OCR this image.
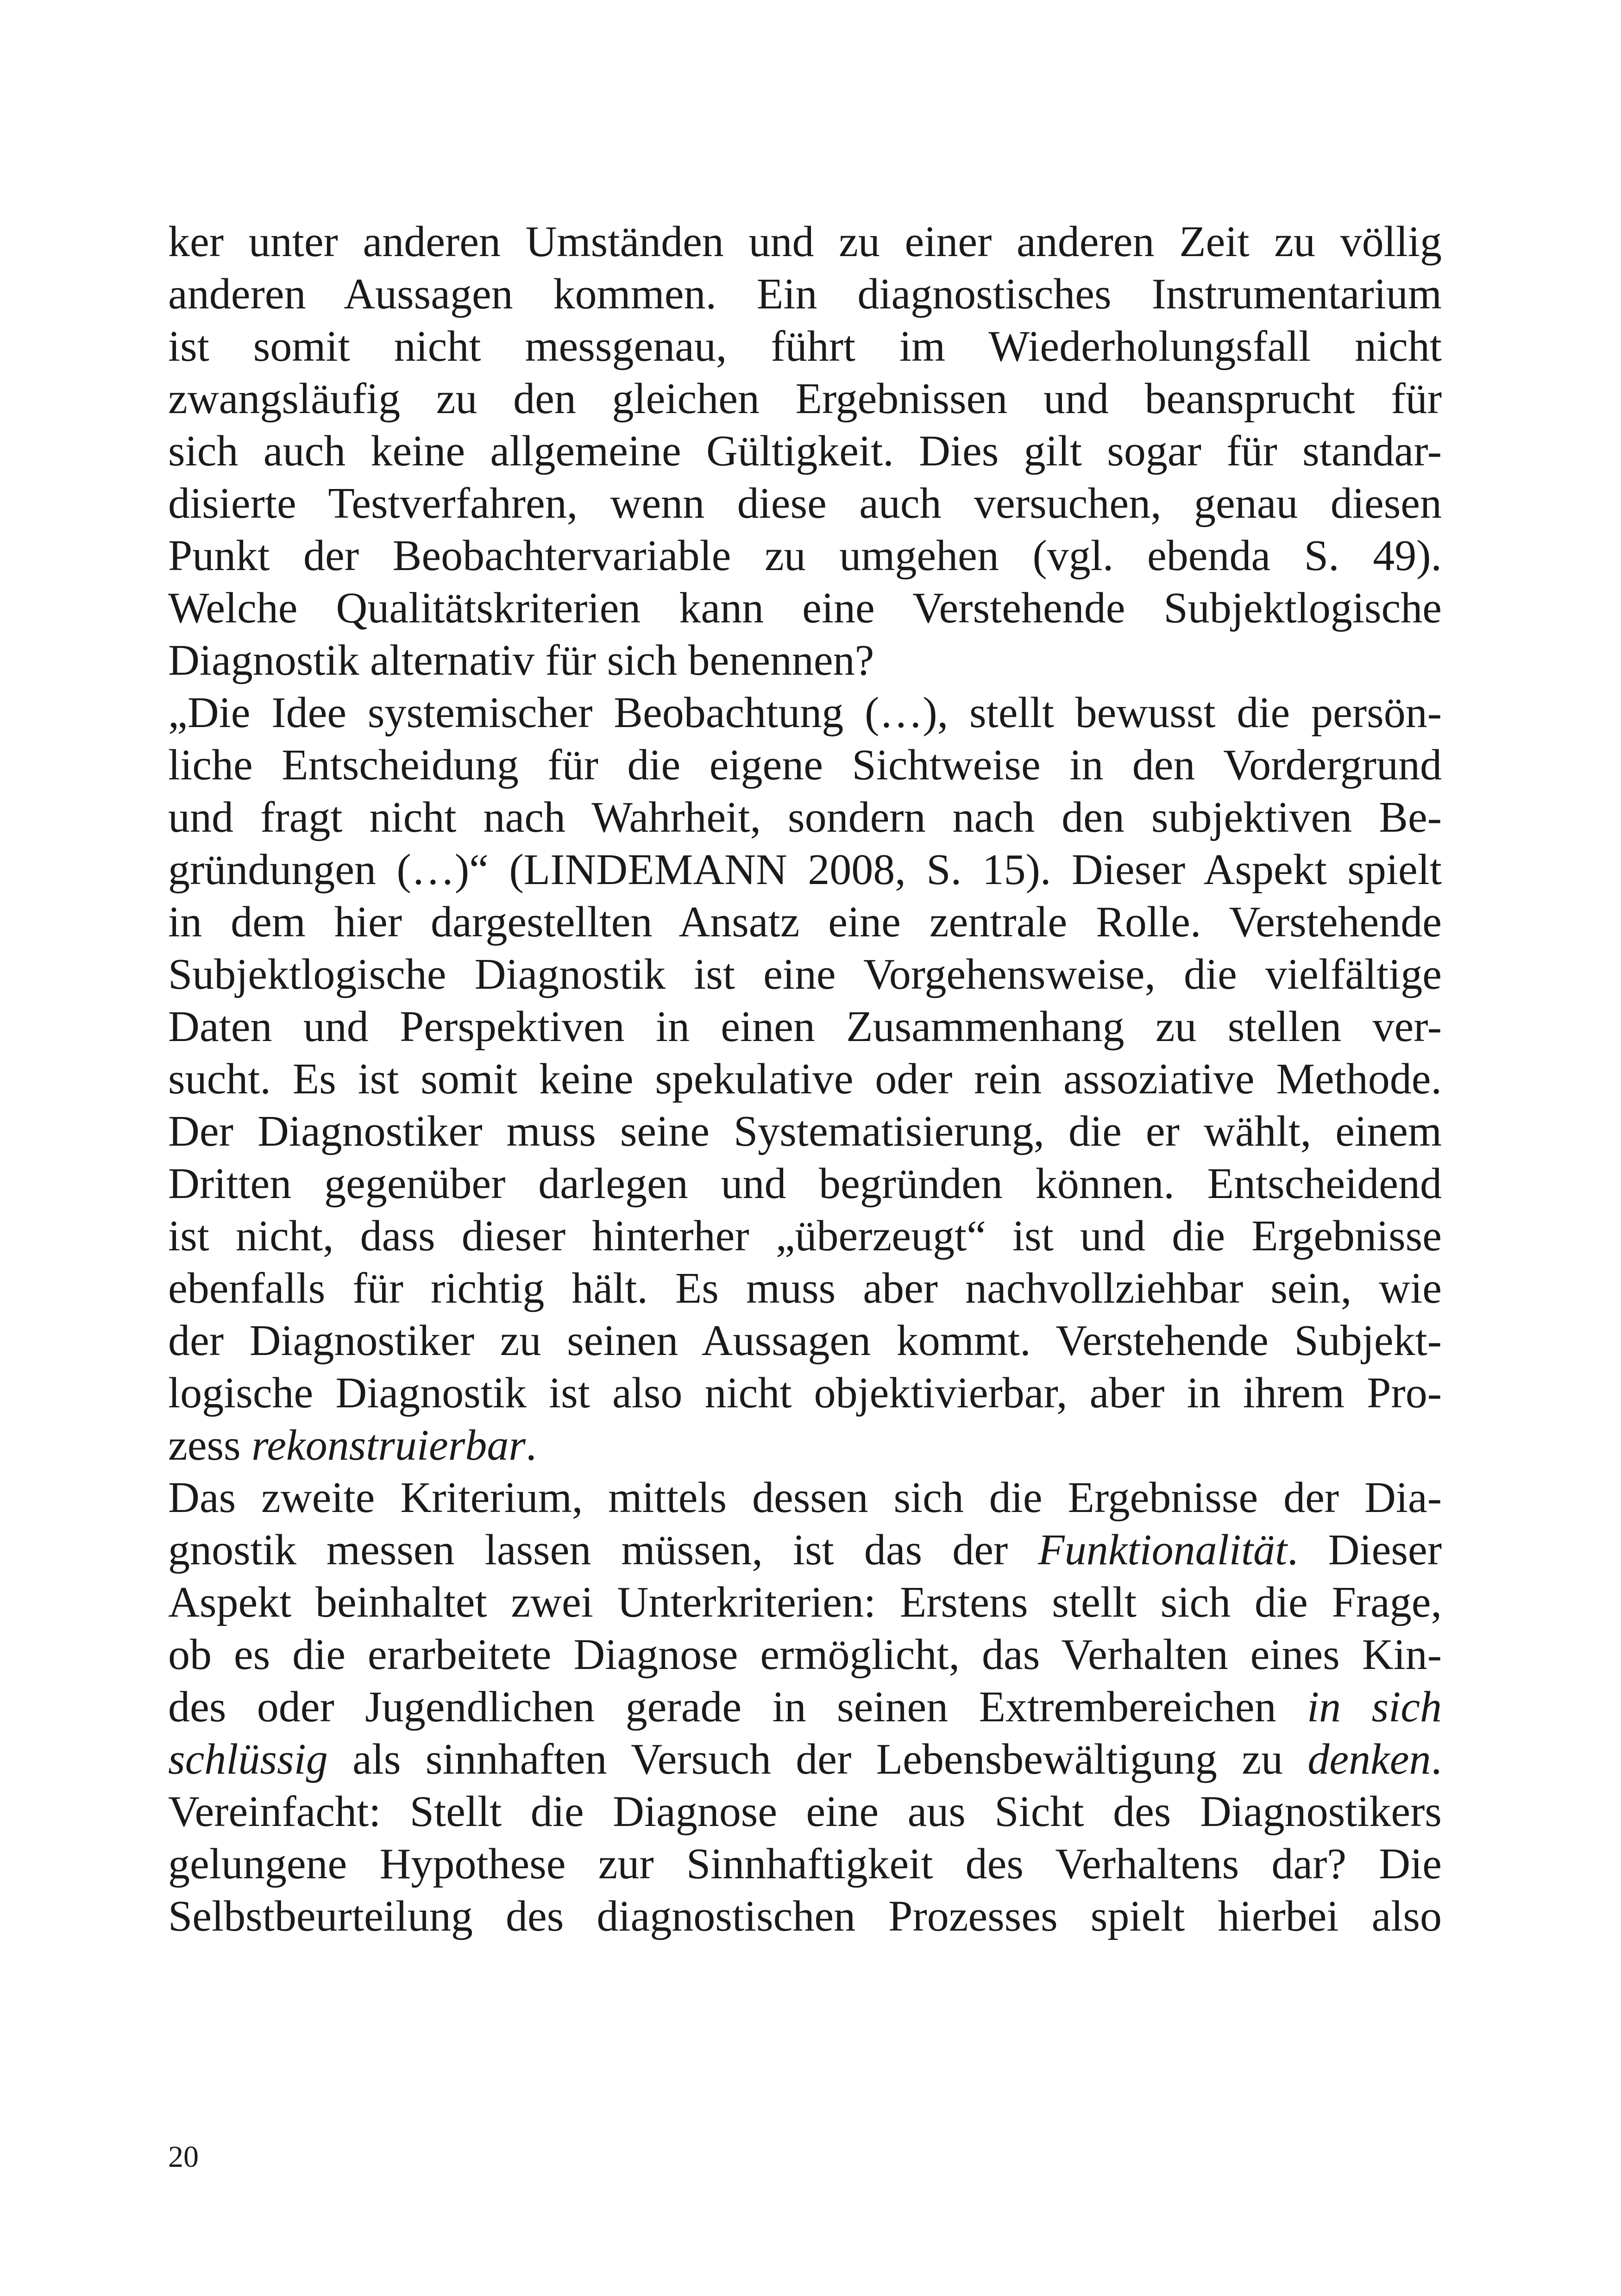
ker unter anderen Umständen und zu einer anderen Zeit zu völlig
anderen Aussagen kommen. Ein diagnostisches Instrumentarium
ist somit nicht messgenau, führt im Wiederholungsfall nicht
zwangsläufig zu den gleichen Ergebnissen und beansprucht für
sich auch keine allgemeine Gültigkeit. Dies gilt sogar für standar-
disierte Testverfahren, wenn diese auch versuchen, genau diesen
Punkt der Beobachtervariable zu umgehen (vgl. ebenda S. 49).
Welche Qualitätskriterien kann eine Verstehende Subjektlogische
Diagnostik alternativ für sich benennen?
„Die Idee systemischer Beobachtung (…), stellt bewusst die persön-
liche Entscheidung für die eigene Sichtweise in den Vordergrund
und fragt nicht nach Wahrheit, sondern nach den subjektiven Be-
gründungen (…)“ (LINDEMANN 2008, S. 15). Dieser Aspekt spielt
in dem hier dargestellten Ansatz eine zentrale Rolle. Verstehende
Subjektlogische Diagnostik ist eine Vorgehensweise, die vielfältige
Daten und Perspektiven in einen Zusammenhang zu stellen ver-
sucht. Es ist somit keine spekulative oder rein assoziative Methode.
Der Diagnostiker muss seine Systematisierung, die er wählt, einem
Dritten gegenüber darlegen und begründen können. Entscheidend
ist nicht, dass dieser hinterher „überzeugt“ ist und die Ergebnisse
ebenfalls für richtig hält. Es muss aber nachvollziehbar sein, wie
der Diagnostiker zu seinen Aussagen kommt. Verstehende Subjekt-
logische Diagnostik ist also nicht objektivierbar, aber in ihrem Pro-
zess rekonstruierbar.
Das zweite Kriterium, mittels dessen sich die Ergebnisse der Dia-
gnostik messen lassen müssen, ist das der Funktionalität. Dieser
Aspekt beinhaltet zwei Unterkriterien: Erstens stellt sich die Frage,
ob es die erarbeitete Diagnose ermöglicht, das Verhalten eines Kin-
des oder Jugendlichen gerade in seinen Extrembereichen in sich
schlüssig als sinnhaften Versuch der Lebensbewältigung zu denken.
Vereinfacht: Stellt die Diagnose eine aus Sicht des Diagnostikers
gelungene Hypothese zur Sinnhaftigkeit des Verhaltens dar? Die
Selbstbeurteilung des diagnostischen Prozesses spielt hierbei also
20
